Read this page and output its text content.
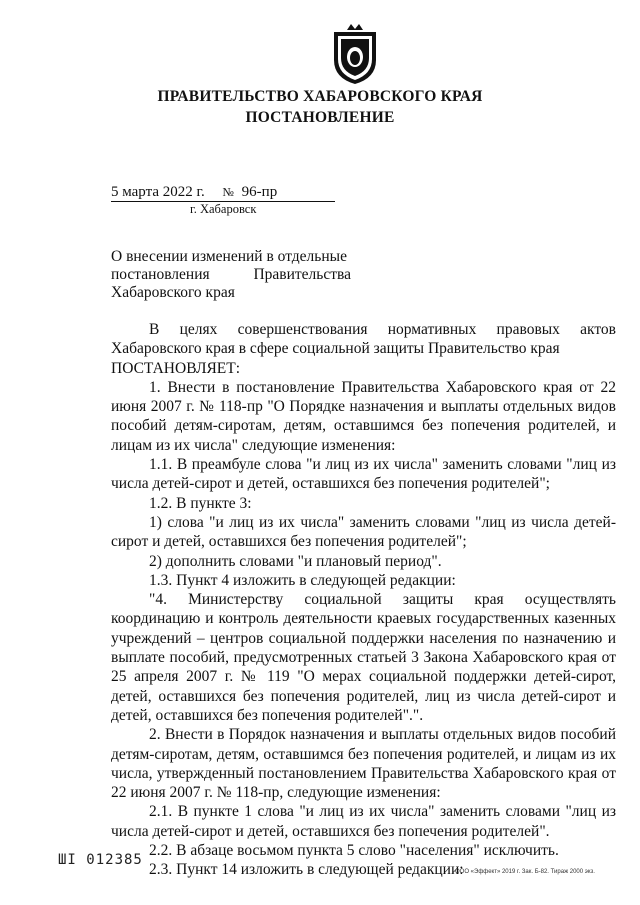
ПРАВИТЕЛЬСТВО ХАБАРОВСКОГО КРАЯ
ПОСТАНОВЛЕНИЕ
5 марта 2022 г. № 96-пр
г. Хабаровск
О внесении изменений в отдельные
постановления	Правительства
Хабаровского края

В целях совершенствования нормативных правовых актов Хабаровского края в сфере социальной защиты Правительство края

ПОСТАНОВЛЯЕТ:

1. Внести в постановление Правительства Хабаровского края от 22 июня 2007 г. № 118-пр "О Порядке назначения и выплаты отдельных видов пособий детям-сиротам, детям, оставшимся без попечения родителей, и лицам из их числа" следующие изменения:

1.1. В преамбуле слова "и лиц из их числа" заменить словами "лиц из числа детей-сирот и детей, оставшихся без попечения родителей";

1.2. В пункте 3:

1) слова "и лиц из их числа" заменить словами "лиц из числа детей-сирот и детей, оставшихся без попечения родителей";

2) дополнить словами "и плановый период".

1.3. Пункт 4 изложить в следующей редакции:

"4. Министерству социальной защиты края осуществлять координацию и контроль деятельности краевых государственных казенных учреждений – центров социальной поддержки населения по назначению и выплате пособий, предусмотренных статьей 3 Закона Хабаровского края от 25 апреля 2007 г. № 119 "О мерах социальной поддержки детей-сирот, детей, оставшихся без попечения родителей, лиц из числа детей-сирот и детей, оставшихся без попечения родителей".".

2. Внести в Порядок назначения и выплаты отдельных видов пособий детям-сиротам, детям, оставшимся без попечения родителей, и лицам из их числа, утвержденный постановлением Правительства Хабаровского края от 22 июня 2007 г. № 118-пр, следующие изменения:

2.1. В пункте 1 слова "и лиц из их числа" заменить словами "лиц из числа детей-сирот и детей, оставшихся без попечения родителей".

2.2. В абзаце восьмом пункта 5 слово "населения" исключить.

2.3. Пункт 14 изложить в следующей редакции:

ШI 012385
ООО «Эффект» 2019 г. Зак. Б-82. Тираж 2000 экз.
